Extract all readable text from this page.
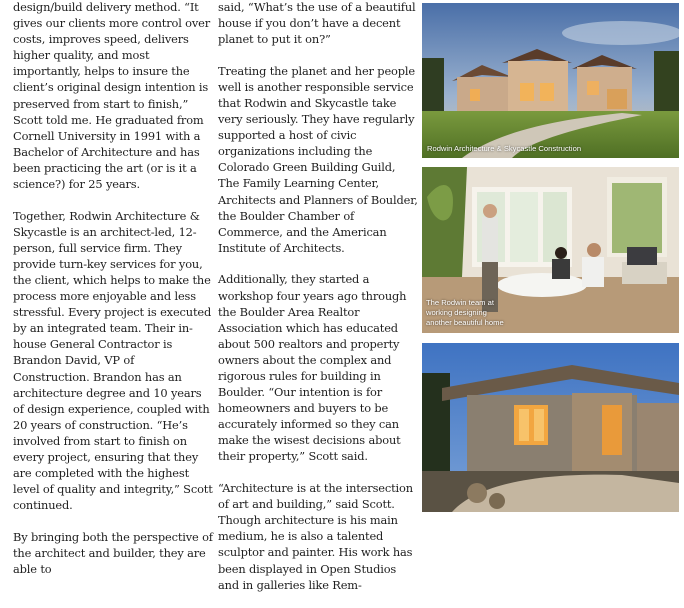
design/build delivery method. “It gives our clients more control over costs, improves speed, delivers higher quality, and most importantly, helps to insure the client’s original design intention is preserved from start to finish,” Scott told me. He graduated from Cornell University in 1991 with a Bachelor of Architecture and has been practicing the art (or is it a science?) for 25 years.

Together, Rodwin Architecture & Skycastle is an architect-led, 12-person, full service firm. They provide turn-key services for you, the client, which helps to make the process more enjoyable and less stressful. Every project is executed by an integrated team. Their in-house General Contractor is Brandon David, VP of Construction. Brandon has an architecture degree and 10 years of design experience, coupled with 20 years of construction. “He’s involved from start to finish on every project, ensuring that they are completed with the highest level of quality and integrity,” Scott continued.

By bringing both the perspective of the architect and builder, they are able to

said, “What’s the use of a beautiful house if you don’t have a decent planet to put it on?”

Treating the planet and her people well is another responsible service that Rodwin and Skycastle take very seriously. They have regularly supported a host of civic organizations including the Colorado Green Building Guild, The Family Learning Center, Architects and Planners of Boulder, the Boulder Chamber of Commerce, and the American Institute of Architects.

Additionally, they started a workshop four years ago through the Boulder Area Realtor Association which has educated about 500 realtors and property owners about the complex and rigorous rules for building in Boulder. “Our intention is for homeowners and buyers to be accurately informed so they can make the wisest decisions about their property,” Scott said.

“Architecture is at the intersection of art and building,” said Scott. Though architecture is his main medium, he is also a talented sculptor and painter. His work has been displayed in Open Studios and in galleries like Rem-

Rodwin Architecture & Skycastle Construction
The Rodwin team at
working designing
another beautiful home
